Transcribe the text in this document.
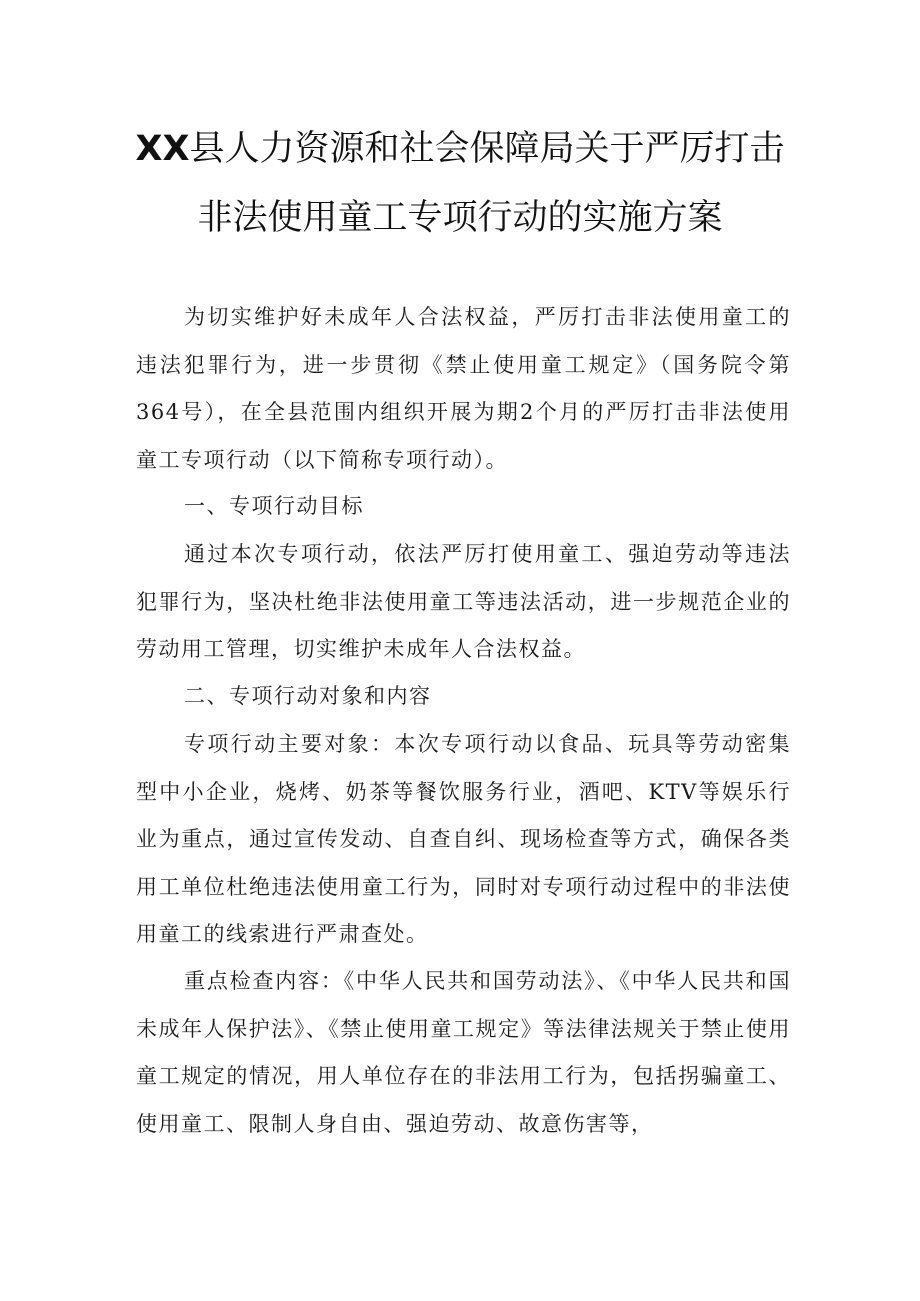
XX县人力资源和社会保障局关于严厉打击
非法使用童工专项行动的实施方案

为切实维护好未成年人合法权益，严厉打击非法使用童工的违法犯罪行为，进一步贯彻《禁止使用童工规定》（国务院令第364号），在全县范围内组织开展为期2个月的严厉打击非法使用童工专项行动（以下简称专项行动）。

一、专项行动目标

通过本次专项行动，依法严厉打使用童工、强迫劳动等违法犯罪行为，坚决杜绝非法使用童工等违法活动，进一步规范企业的劳动用工管理，切实维护未成年人合法权益。

二、专项行动对象和内容

专项行动主要对象：本次专项行动以食品、玩具等劳动密集型中小企业，烧烤、奶茶等餐饮服务行业，酒吧、KTV等娱乐行业为重点，通过宣传发动、自查自纠、现场检查等方式，确保各类用工单位杜绝违法使用童工行为，同时对专项行动过程中的非法使用童工的线索进行严肃查处。

重点检查内容：《中华人民共和国劳动法》、《中华人民共和国未成年人保护法》、《禁止使用童工规定》等法律法规关于禁止使用童工规定的情况，用人单位存在的非法用工行为，包括拐骗童工、使用童工、限制人身自由、强迫劳动、故意伤害等，
